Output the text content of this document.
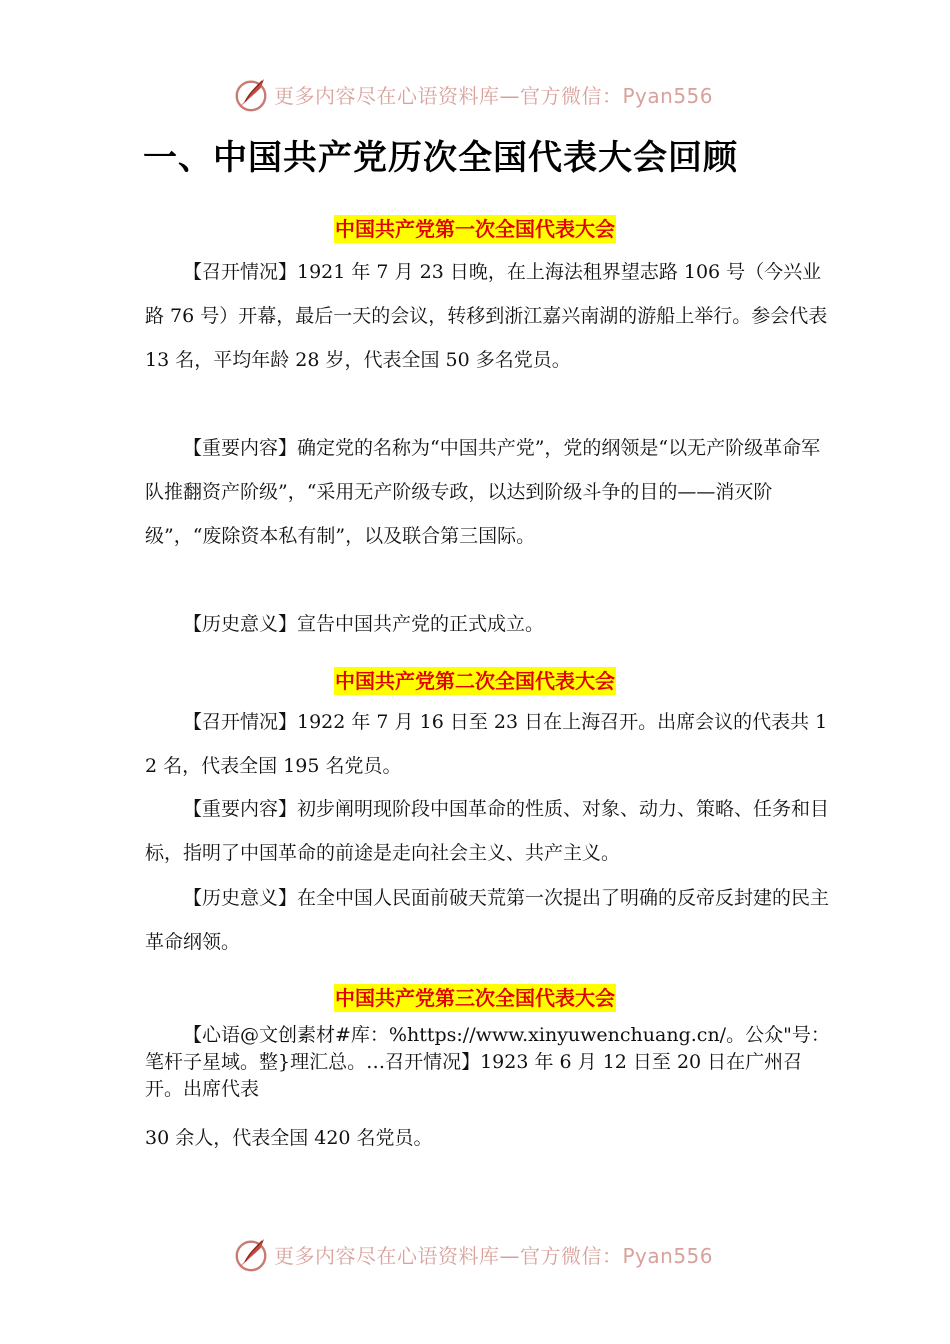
更多内容尽在心语资料库—官方微信：Pyan556
一、中国共产党历次全国代表大会回顾
中国共产党第一次全国代表大会

【召开情况】1921 年 7 月 23 日晚，在上海法租界望志路 106 号（今兴业路 76 号）开幕，最后一天的会议，转移到浙江嘉兴南湖的游船上举行。参会代表 13 名，平均年龄 28 岁，代表全国 50 多名党员。

【重要内容】确定党的名称为“中国共产党”，党的纲领是“以无产阶级革命军队推翻资产阶级”，“采用无产阶级专政，以达到阶级斗争的目的——消灭阶级”，“废除资本私有制”，以及联合第三国际。

【历史意义】宣告中国共产党的正式成立。

中国共产党第二次全国代表大会

【召开情况】1922 年 7 月 16 日至 23 日在上海召开。出席会议的代表共 12 名，代表全国 195 名党员。

【重要内容】初步阐明现阶段中国革命的性质、对象、动力、策略、任务和目标，指明了中国革命的前途是走向社会主义、共产主义。

【历史意义】在全中国人民面前破天荒第一次提出了明确的反帝反封建的民主革命纲领。

中国共产党第三次全国代表大会

【心语@文创素材#库：%https://www.xinyuwenchuang.cn/。公众"号：笔杆子星域。整}理汇总。…召开情况】1923 年 6 月 12 日至 20 日在广州召开。出席代表

30 余人，代表全国 420 名党员。
更多内容尽在心语资料库—官方微信：Pyan556
